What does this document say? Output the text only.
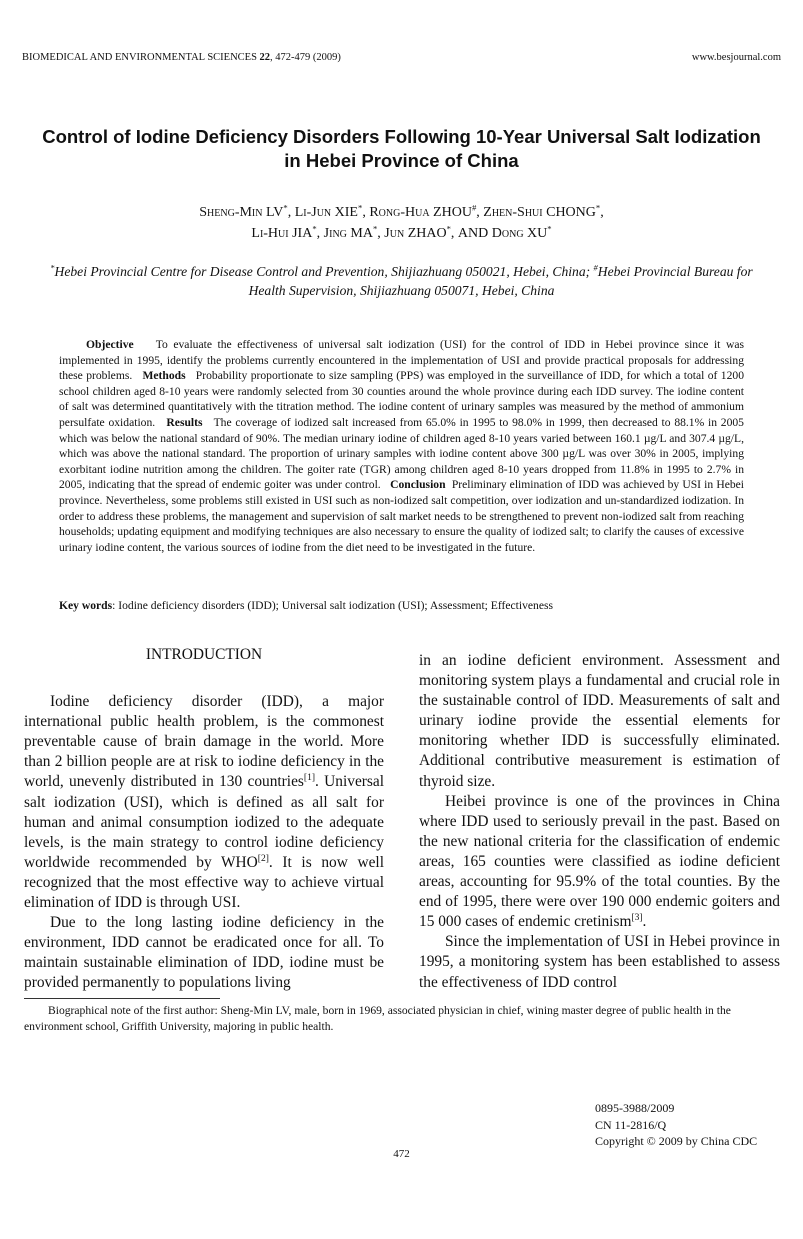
BIOMEDICAL AND ENVIRONMENTAL SCIENCES 22, 472-479 (2009)	www.besjournal.com
Control of Iodine Deficiency Disorders Following 10-Year Universal Salt Iodization in Hebei Province of China
Sheng-Min LV*, Li-Jun XIE*, Rong-Hua ZHOU#, Zhen-Shui CHONG*,
Li-Hui JIA*, Jing MA*, Jun ZHAO*, AND Dong XU*
*Hebei Provincial Centre for Disease Control and Prevention, Shijiazhuang 050021, Hebei, China; #Hebei Provincial Bureau for Health Supervision, Shijiazhuang 050071, Hebei, China
Objective To evaluate the effectiveness of universal salt iodization (USI) for the control of IDD in Hebei province since it was implemented in 1995, identify the problems currently encountered in the implementation of USI and provide practical proposals for addressing these problems. Methods Probability proportionate to size sampling (PPS) was employed in the surveillance of IDD, for which a total of 1200 school children aged 8-10 years were randomly selected from 30 counties around the whole province during each IDD survey. The iodine content of salt was determined quantitatively with the titration method. The iodine content of urinary samples was measured by the method of ammonium persulfate oxidation. Results The coverage of iodized salt increased from 65.0% in 1995 to 98.0% in 1999, then decreased to 88.1% in 2005 which was below the national standard of 90%. The median urinary iodine of children aged 8-10 years varied between 160.1 µg/L and 307.4 µg/L, which was above the national standard. The proportion of urinary samples with iodine content above 300 µg/L was over 30% in 2005, implying exorbitant iodine nutrition among the children. The goiter rate (TGR) among children aged 8-10 years dropped from 11.8% in 1995 to 2.7% in 2005, indicating that the spread of endemic goiter was under control. Conclusion Preliminary elimination of IDD was achieved by USI in Hebei province. Nevertheless, some problems still existed in USI such as non-iodized salt competition, over iodization and un-standardized iodization. In order to address these problems, the management and supervision of salt market needs to be strengthened to prevent non-iodized salt from reaching households; updating equipment and modifying techniques are also necessary to ensure the quality of iodized salt; to clarify the causes of excessive urinary iodine content, the various sources of iodine from the diet need to be investigated in the future.
Key words: Iodine deficiency disorders (IDD); Universal salt iodization (USI); Assessment; Effectiveness
INTRODUCTION

Iodine deficiency disorder (IDD), a major international public health problem, is the commonest preventable cause of brain damage in the world. More than 2 billion people are at risk to iodine deficiency in the world, unevenly distributed in 130 countries[1]. Universal salt iodization (USI), which is defined as all salt for human and animal consumption iodized to the adequate levels, is the main strategy to control iodine deficiency worldwide recommended by WHO[2]. It is now well recognized that the most effective way to achieve virtual elimination of IDD is through USI.

Due to the long lasting iodine deficiency in the environment, IDD cannot be eradicated once for all. To maintain sustainable elimination of IDD, iodine must be provided permanently to populations living

in an iodine deficient environment. Assessment and monitoring system plays a fundamental and crucial role in the sustainable control of IDD. Measurements of salt and urinary iodine provide the essential elements for monitoring whether IDD is successfully eliminated. Additional contributive measurement is estimation of thyroid size.

Heibei province is one of the provinces in China where IDD used to seriously prevail in the past. Based on the new national criteria for the classification of endemic areas, 165 counties were classified as iodine deficient areas, accounting for 95.9% of the total counties. By the end of 1995, there were over 190 000 endemic goiters and 15 000 cases of endemic cretinism[3].

Since the implementation of USI in Hebei province in 1995, a monitoring system has been established to assess the effectiveness of IDD control

Biographical note of the first author: Sheng-Min LV, male, born in 1969, associated physician in chief, wining master degree of public health in the environment school, Griffith University, majoring in public health.
0895-3988/2009
CN 11-2816/Q
Copyright © 2009 by China CDC
472
